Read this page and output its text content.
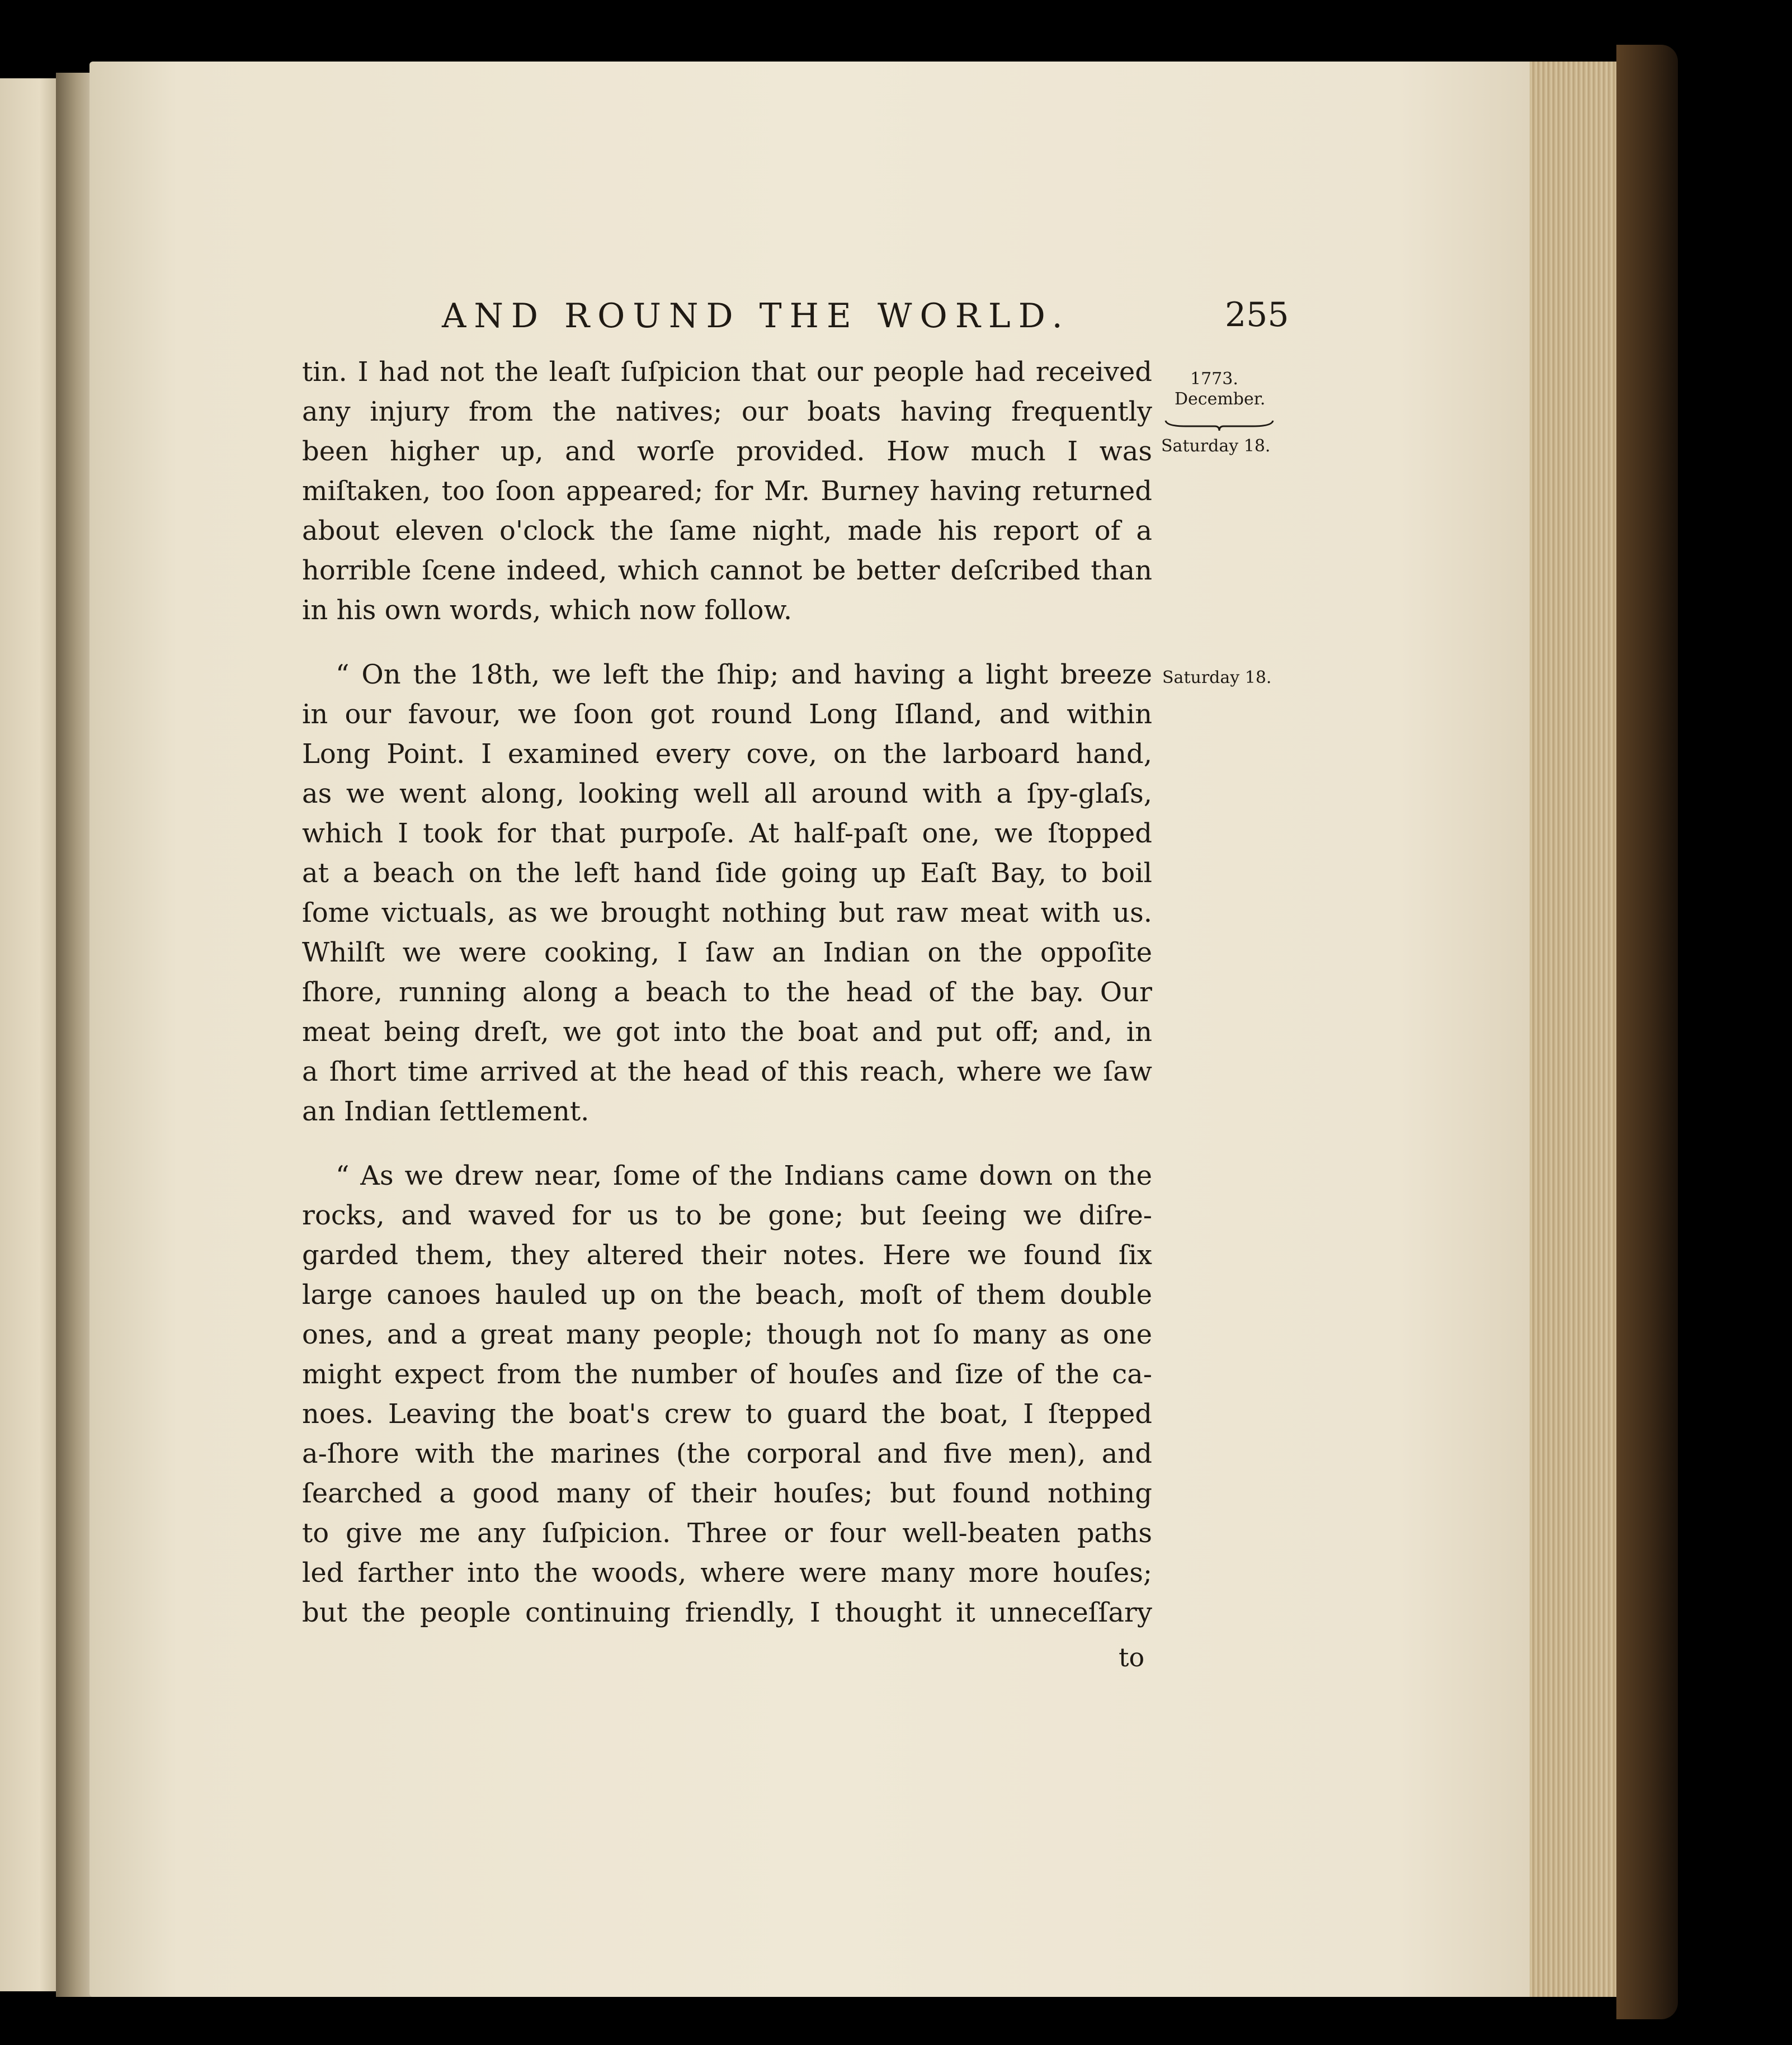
AND ROUND THE WORLD.	255
1773.
December.
Saturday 18.
Saturday 18.
tin. I had not the leaſt ſuſpicion that our people had received
any injury from the natives; our boats having frequently
been higher up, and worſe provided. How much I was
miſtaken, too ſoon appeared; for Mr. Burney having returned
about eleven o'clock the ſame night, made his report of a
horrible ſcene indeed, which cannot be better deſcribed than
in his own words, which now follow.
“ On the 18th, we left the ſhip; and having a light breeze
in our favour, we ſoon got round Long Iſland, and within
Long Point. I examined every cove, on the larboard hand,
as we went along, looking well all around with a ſpy-glaſs,
which I took for that purpoſe. At half-paſt one, we ſtopped
at a beach on the left hand ſide going up Eaſt Bay, to boil
ſome victuals, as we brought nothing but raw meat with us.
Whilſt we were cooking, I ſaw an Indian on the oppoſite
ſhore, running along a beach to the head of the bay. Our
meat being dreſt, we got into the boat and put off; and, in
a ſhort time arrived at the head of this reach, where we ſaw
an Indian ſettlement.
“ As we drew near, ſome of the Indians came down on the
rocks, and waved for us to be gone; but ſeeing we diſre-
garded them, they altered their notes. Here we found ſix
large canoes hauled up on the beach, moſt of them double
ones, and a great many people; though not ſo many as one
might expect from the number of houſes and ſize of the ca-
noes. Leaving the boat's crew to guard the boat, I ſtepped
a-ſhore with the marines (the corporal and five men), and
ſearched a good many of their houſes; but found nothing
to give me any ſuſpicion. Three or four well-beaten paths
led farther into the woods, where were many more houſes;
but the people continuing friendly, I thought it unneceſſary
to
